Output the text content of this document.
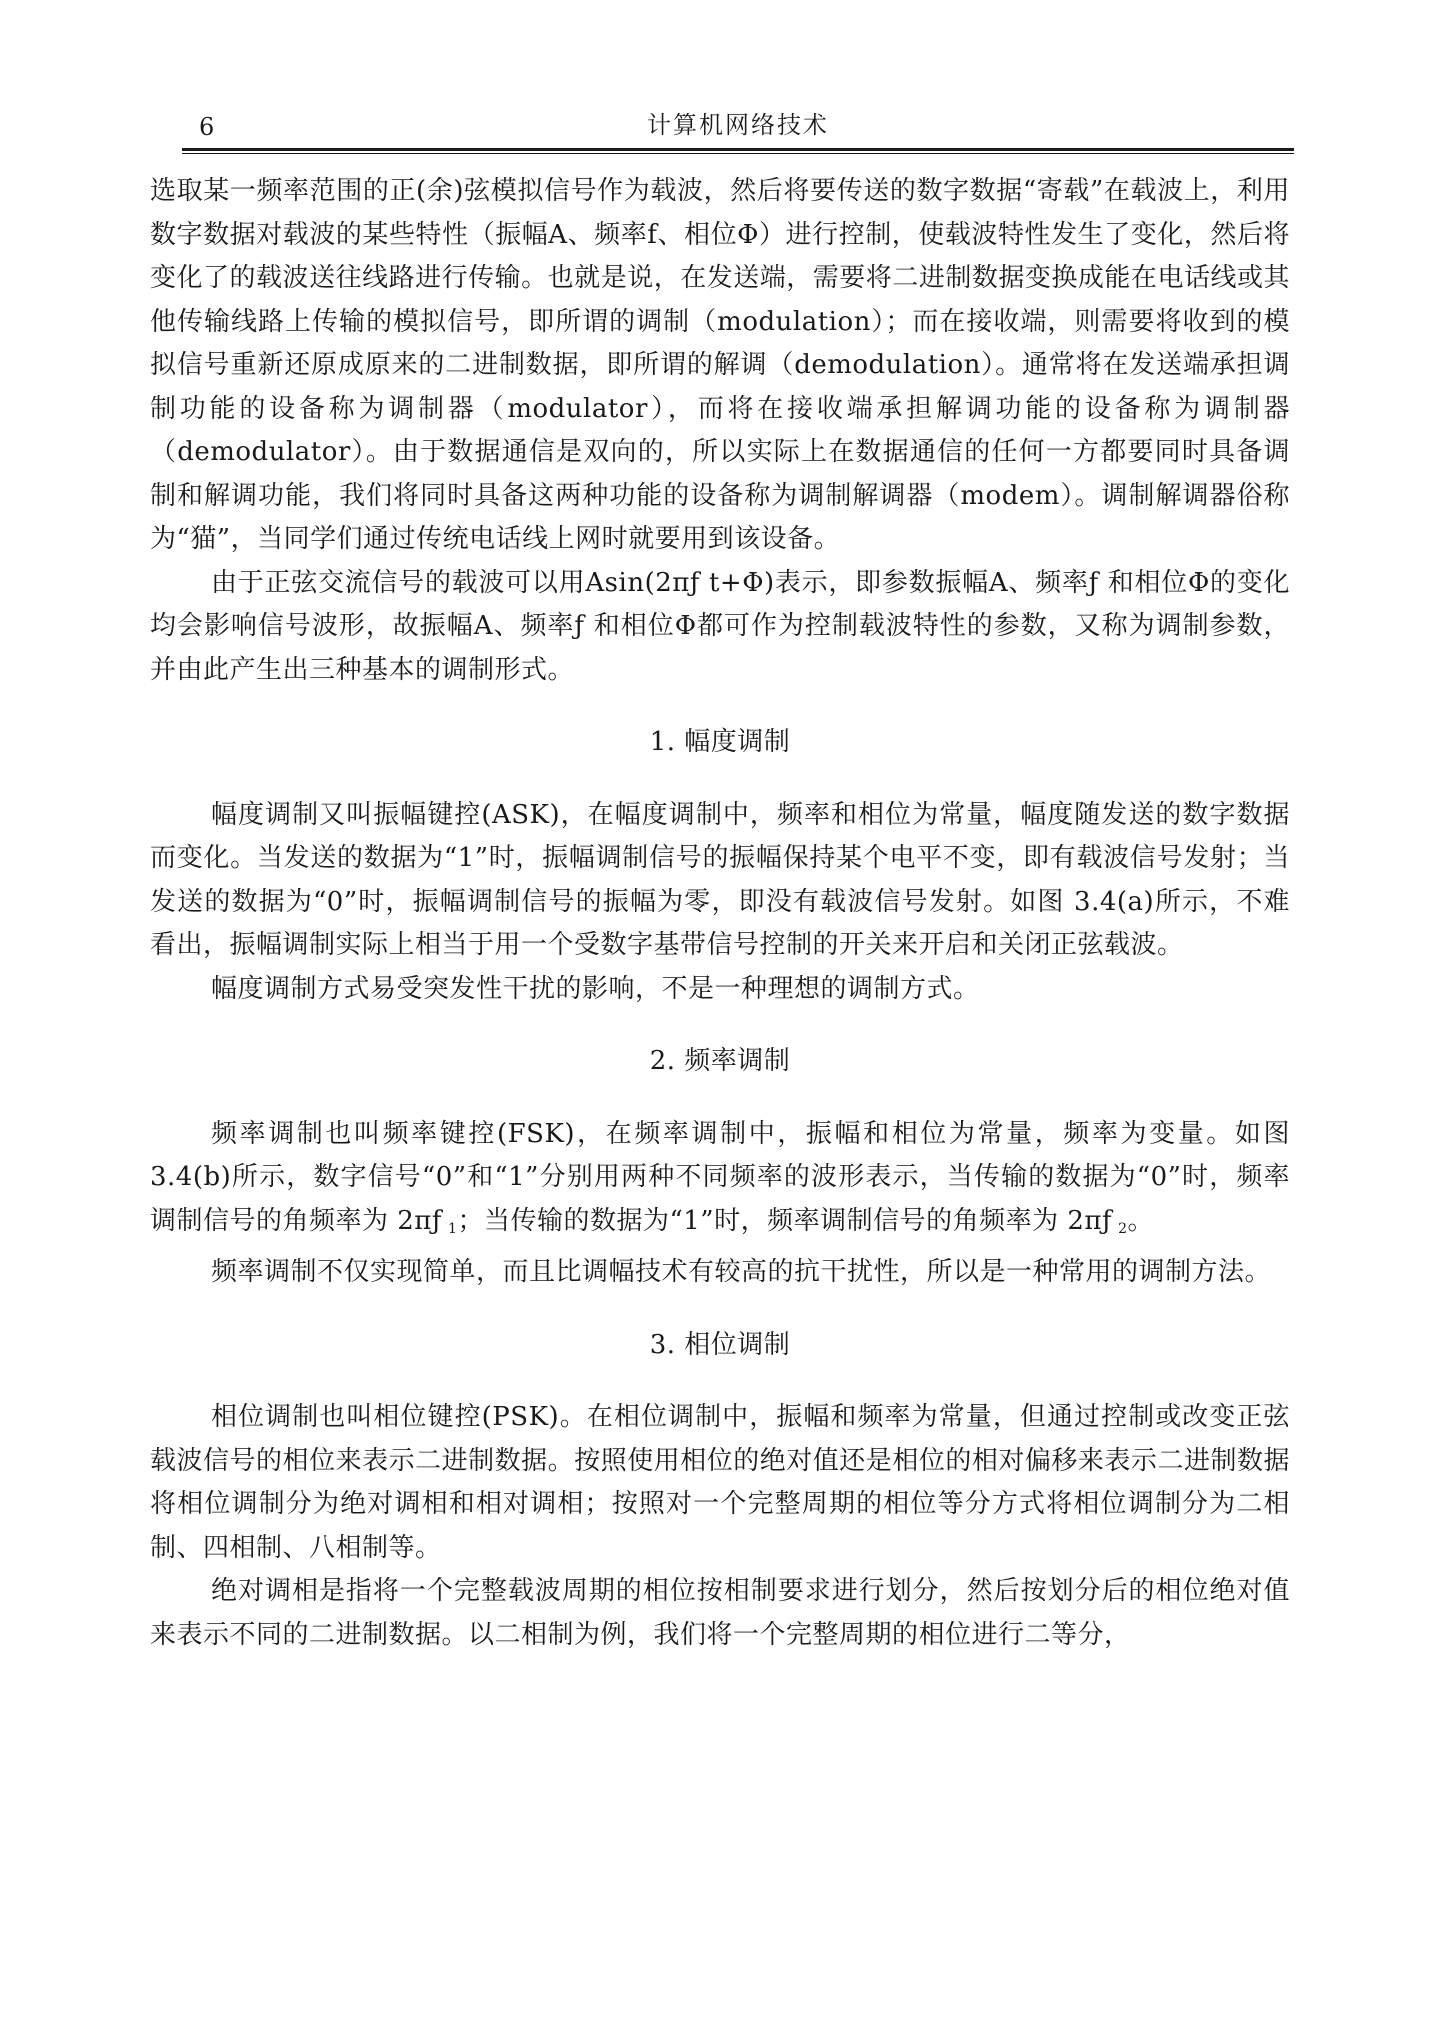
6	计算机网络技术

选取某一频率范围的正(余)弦模拟信号作为载波，然后将要传送的数字数据“寄载”在载波上，利用数字数据对载波的某些特性（振幅A、频率f、相位Φ）进行控制，使载波特性发生了变化，然后将变化了的载波送往线路进行传输。也就是说，在发送端，需要将二进制数据变换成能在电话线或其他传输线路上传输的模拟信号，即所谓的调制（modulation）；而在接收端，则需要将收到的模拟信号重新还原成原来的二进制数据，即所谓的解调（demodulation）。通常将在发送端承担调制功能的设备称为调制器（modulator），而将在接收端承担解调功能的设备称为调制器（demodulator）。由于数据通信是双向的，所以实际上在数据通信的任何一方都要同时具备调制和解调功能，我们将同时具备这两种功能的设备称为调制解调器（modem）。调制解调器俗称为“猫”，当同学们通过传统电话线上网时就要用到该设备。

由于正弦交流信号的载波可以用Asin(2πƒ t+Φ)表示，即参数振幅A、频率ƒ 和相位Φ的变化均会影响信号波形，故振幅A、频率ƒ 和相位Φ都可作为控制载波特性的参数，又称为调制参数，并由此产生出三种基本的调制形式。

1. 幅度调制

幅度调制又叫振幅键控(ASK)，在幅度调制中，频率和相位为常量，幅度随发送的数字数据而变化。当发送的数据为“1”时，振幅调制信号的振幅保持某个电平不变，即有载波信号发射；当发送的数据为“0”时，振幅调制信号的振幅为零，即没有载波信号发射。如图 3.4(a)所示，不难看出，振幅调制实际上相当于用一个受数字基带信号控制的开关来开启和关闭正弦载波。

幅度调制方式易受突发性干扰的影响，不是一种理想的调制方式。

2. 频率调制

频率调制也叫频率键控(FSK)，在频率调制中，振幅和相位为常量，频率为变量。如图 3.4(b)所示，数字信号“0”和“1”分别用两种不同频率的波形表示，当传输的数据为“0”时，频率调制信号的角频率为 2πƒ $_1$；当传输的数据为“1”时，频率调制信号的角频率为 2πƒ $_2$。

频率调制不仅实现简单，而且比调幅技术有较高的抗干扰性，所以是一种常用的调制方法。

3. 相位调制

相位调制也叫相位键控(PSK)。在相位调制中，振幅和频率为常量，但通过控制或改变正弦载波信号的相位来表示二进制数据。按照使用相位的绝对值还是相位的相对偏移来表示二进制数据将相位调制分为绝对调相和相对调相；按照对一个完整周期的相位等分方式将相位调制分为二相制、四相制、八相制等。

绝对调相是指将一个完整载波周期的相位按相制要求进行划分，然后按划分后的相位绝对值来表示不同的二进制数据。以二相制为例，我们将一个完整周期的相位进行二等分，
